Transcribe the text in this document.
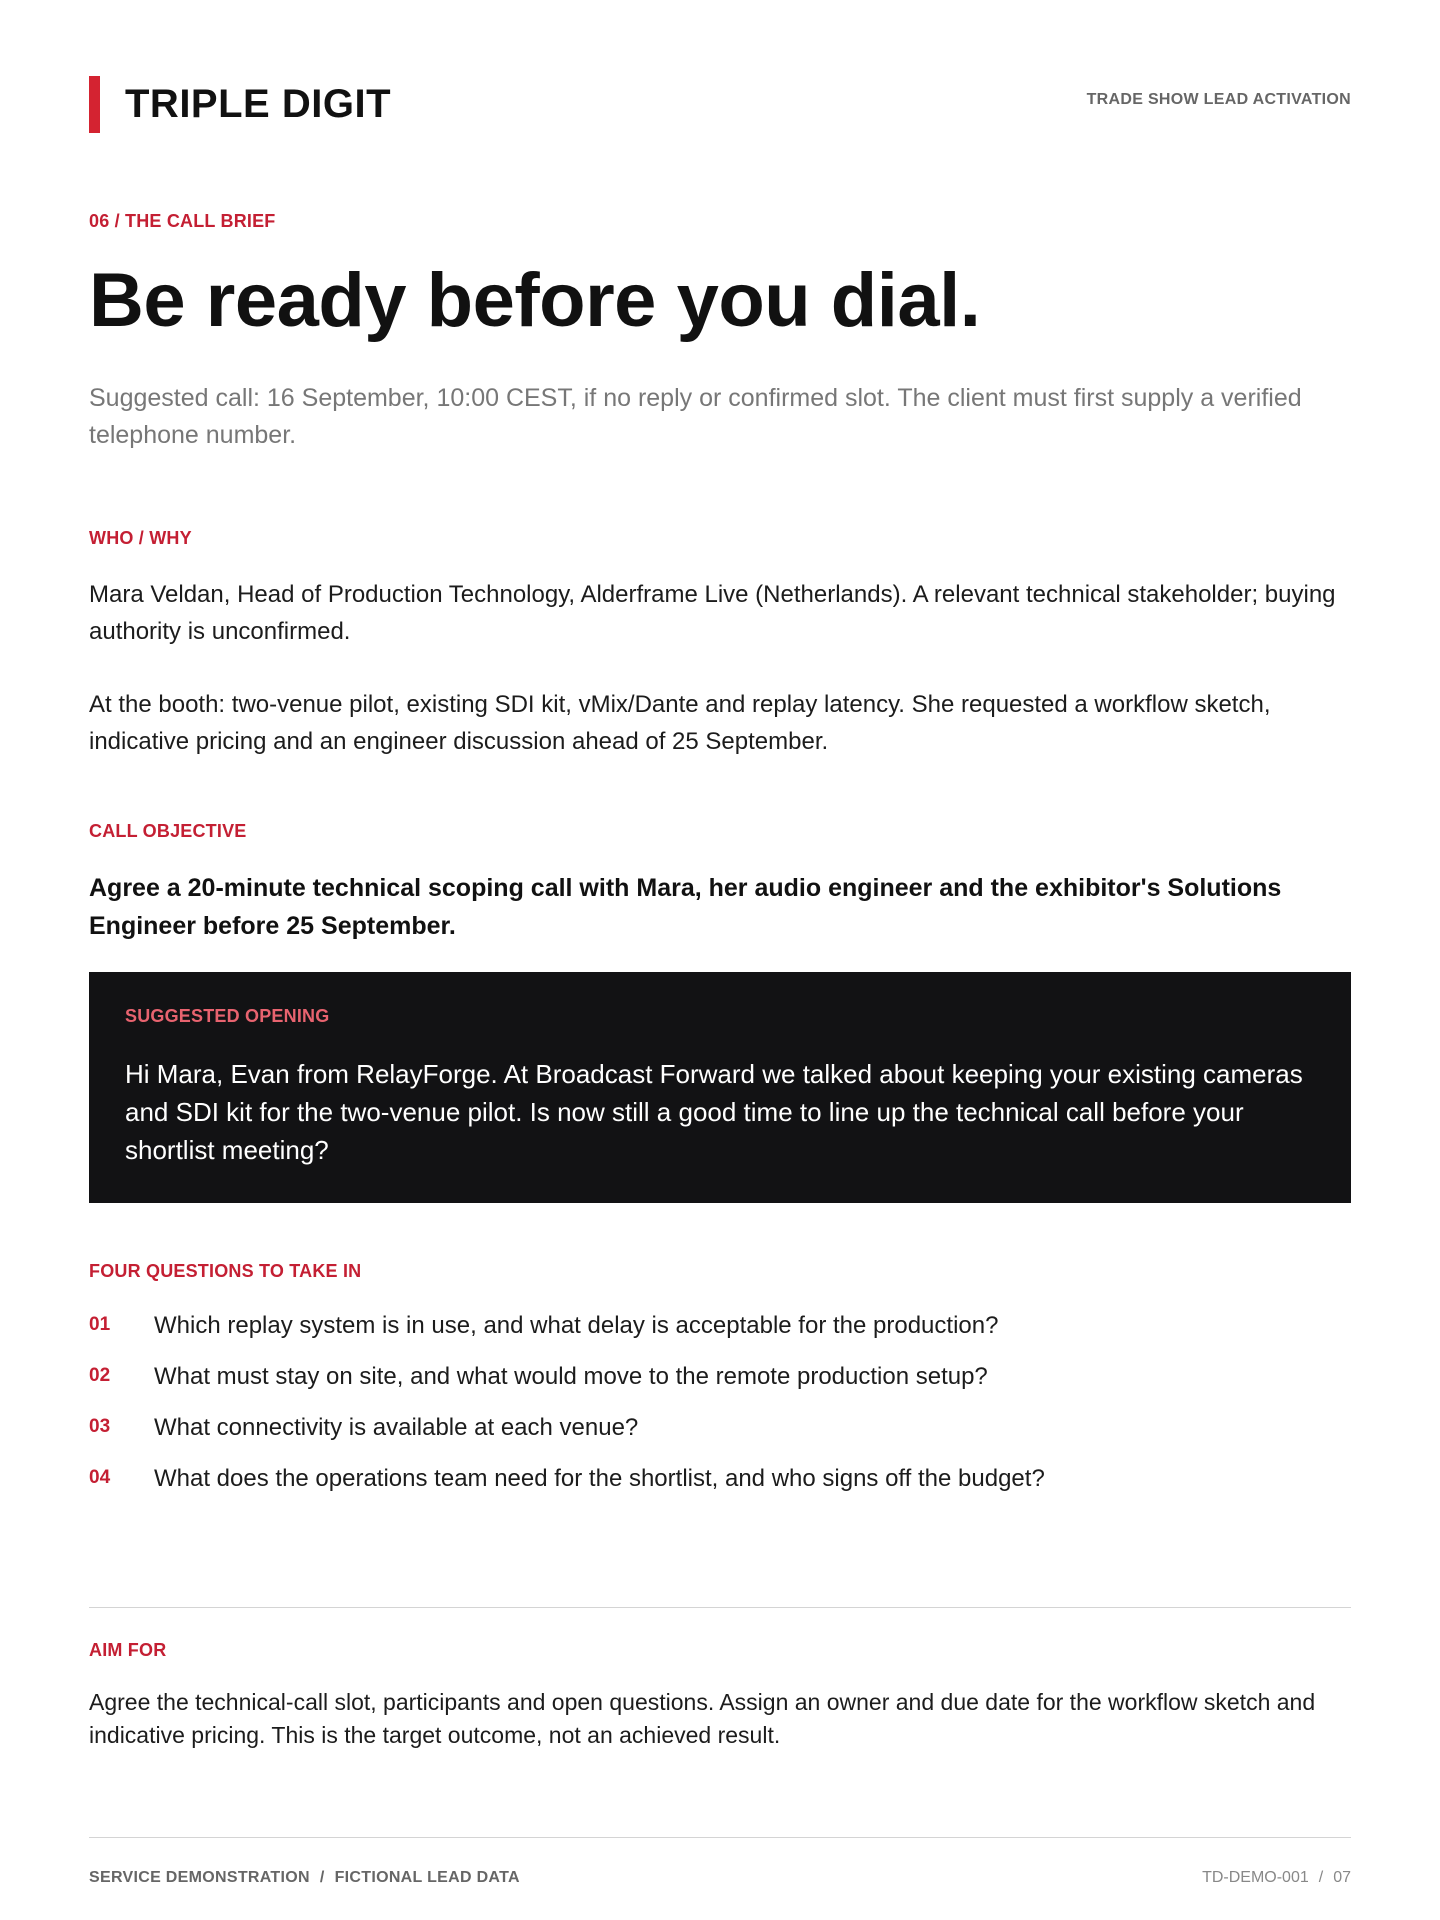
TRIPLE DIGIT	TRADE SHOW LEAD ACTIVATION
06 / THE CALL BRIEF
Be ready before you dial.
Suggested call: 16 September, 10:00 CEST, if no reply or confirmed slot. The client must first supply a verified telephone number.
WHO / WHY
Mara Veldan, Head of Production Technology, Alderframe Live (Netherlands). A relevant technical stakeholder; buying authority is unconfirmed.
At the booth: two-venue pilot, existing SDI kit, vMix/Dante and replay latency. She requested a workflow sketch, indicative pricing and an engineer discussion ahead of 25 September.
CALL OBJECTIVE
Agree a 20-minute technical scoping call with Mara, her audio engineer and the exhibitor's Solutions Engineer before 25 September.
SUGGESTED OPENING
Hi Mara, Evan from RelayForge. At Broadcast Forward we talked about keeping your existing cameras and SDI kit for the two-venue pilot. Is now still a good time to line up the technical call before your shortlist meeting?
FOUR QUESTIONS TO TAKE IN
01	Which replay system is in use, and what delay is acceptable for the production?
02	What must stay on site, and what would move to the remote production setup?
03	What connectivity is available at each venue?
04	What does the operations team need for the shortlist, and who signs off the budget?
AIM FOR
Agree the technical-call slot, participants and open questions. Assign an owner and due date for the workflow sketch and indicative pricing. This is the target outcome, not an achieved result.
SERVICE DEMONSTRATION / FICTIONAL LEAD DATA	TD-DEMO-001 / 07
